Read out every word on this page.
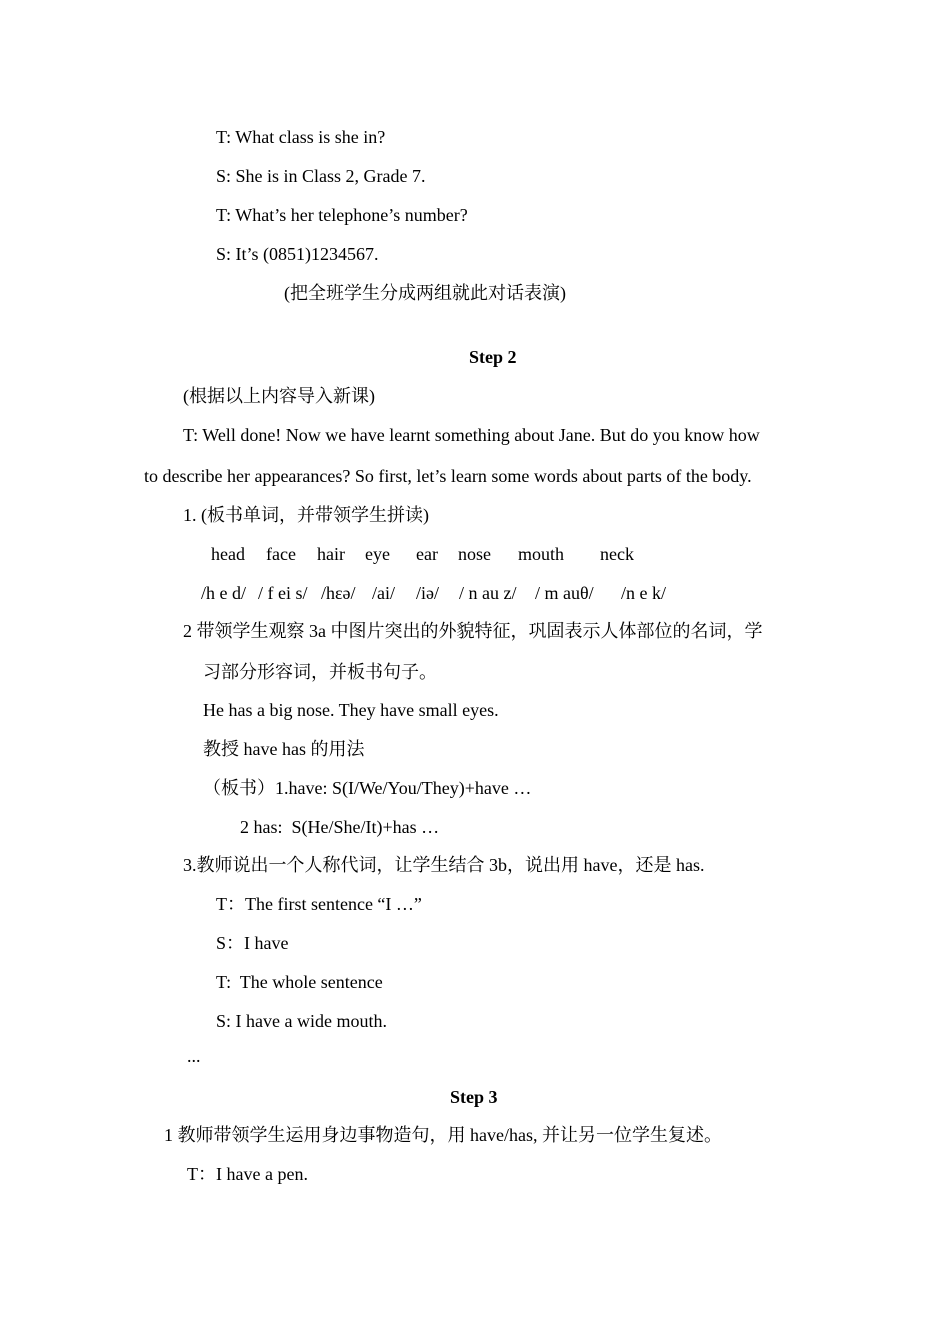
T: What class is she in?
S: She is in Class 2, Grade 7.
T: What’s her telephone’s number?
S: It’s (0851)1234567.
(把全班学生分成两组就此对话表演)
Step 2
(根据以上内容导入新课)
T: Well done! Now we have learnt something about Jane. But do you know how
to describe her appearances? So first, let’s learn some words about parts of the body.
1. (板书单词，并带领学生拼读)
head face hair eye ear nose mouth neck
/h e d/ / f ei s/ /hɛə/ /ai/ /iə/ / n au z/ / m auθ/ /n e k/
2 带领学生观察 3a 中图片突出的外貌特征，巩固表示人体部位的名词，学
习部分形容词，并板书句子。
He has a big nose. They have small eyes.
教授 have has 的用法
（板书）1.have: S(I/We/You/They)+have …
2 has:  S(He/She/It)+has …
3.教师说出一个人称代词，让学生结合 3b，说出用 have，还是 has.
T：The first sentence “I …”
S：I have
T:  The whole sentence
S: I have a wide mouth.
...
Step 3
1 教师带领学生运用身边事物造句，用 have/has, 并让另一位学生复述。
T：I have a pen.
